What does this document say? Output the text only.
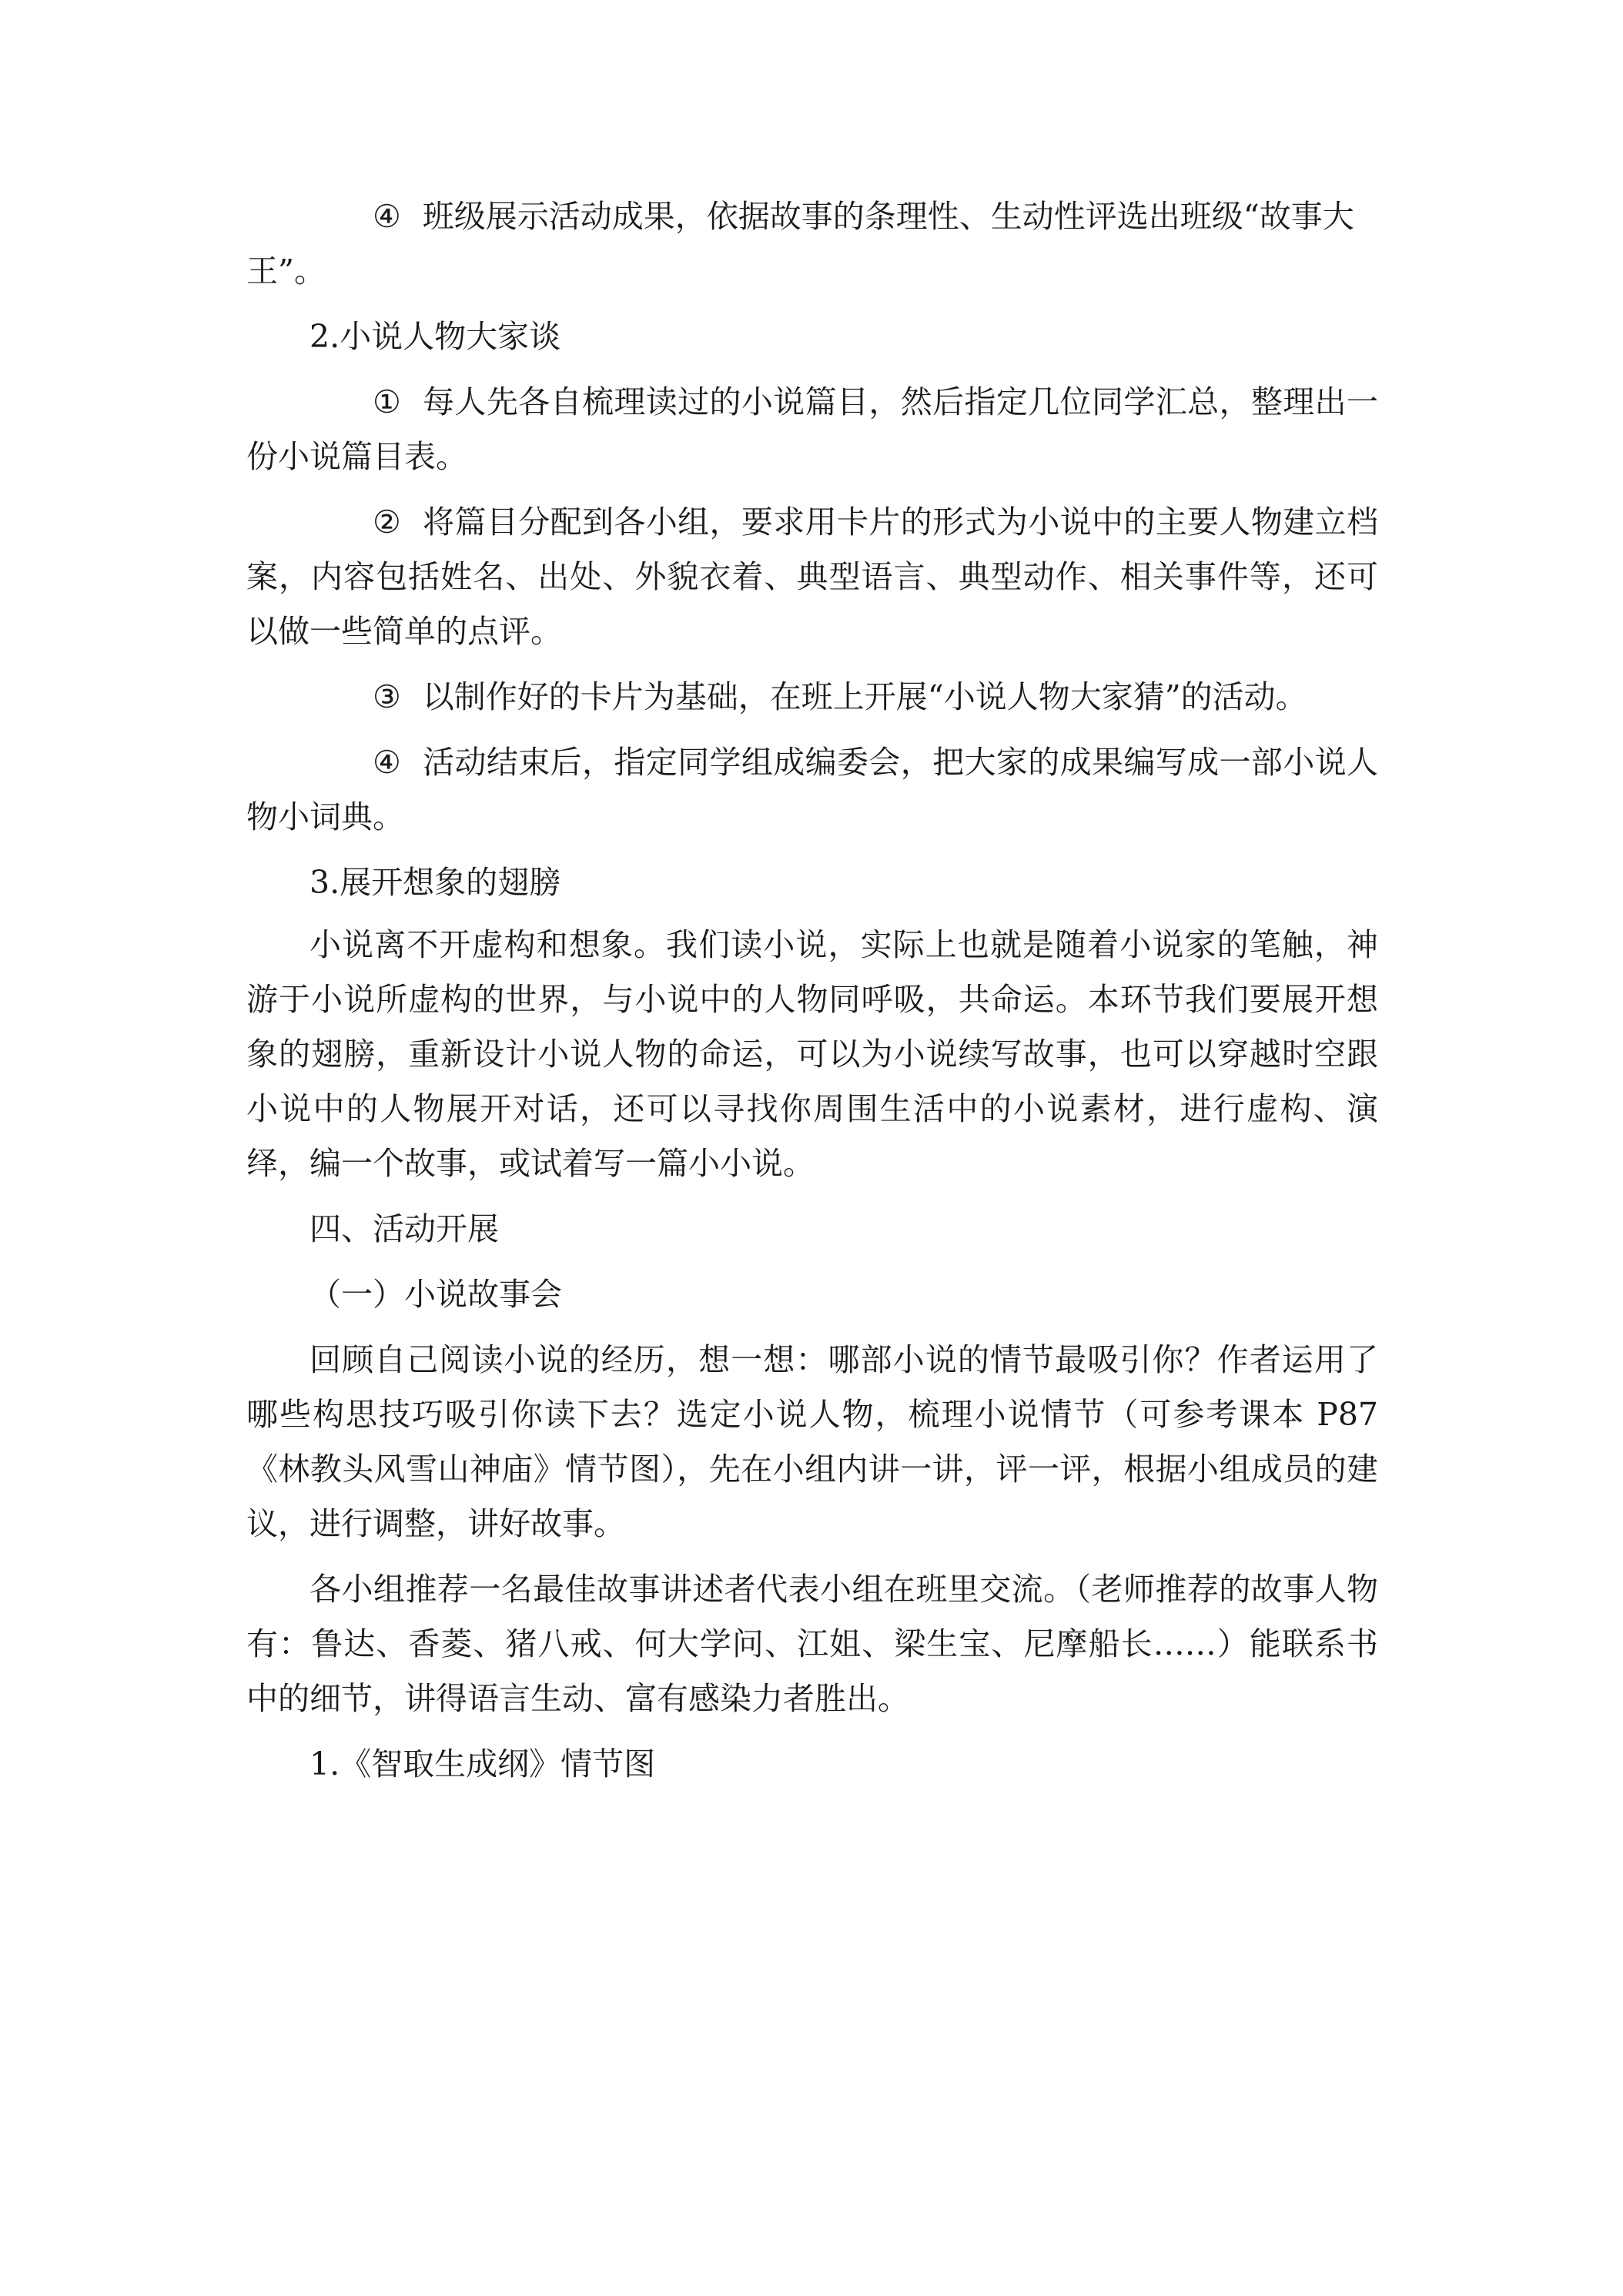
④ 班级展示活动成果，依据故事的条理性、生动性评选出班级“故事大王”。

2.小说人物大家谈

① 每人先各自梳理读过的小说篇目，然后指定几位同学汇总，整理出一份小说篇目表。

② 将篇目分配到各小组，要求用卡片的形式为小说中的主要人物建立档案，内容包括姓名、出处、外貌衣着、典型语言、典型动作、相关事件等，还可以做一些简单的点评。

③ 以制作好的卡片为基础，在班上开展“小说人物大家猜”的活动。

④ 活动结束后，指定同学组成编委会，把大家的成果编写成一部小说人物小词典。

3.展开想象的翅膀

小说离不开虚构和想象。我们读小说，实际上也就是随着小说家的笔触，神游于小说所虚构的世界，与小说中的人物同呼吸，共命运。本环节我们要展开想象的翅膀，重新设计小说人物的命运，可以为小说续写故事，也可以穿越时空跟小说中的人物展开对话，还可以寻找你周围生活中的小说素材，进行虚构、演绎，编一个故事，或试着写一篇小小说。

四、活动开展

（一）小说故事会

回顾自己阅读小说的经历，想一想：哪部小说的情节最吸引你？作者运用了哪些构思技巧吸引你读下去？选定小说人物，梳理小说情节（可参考课本 P87《林教头风雪山神庙》情节图），先在小组内讲一讲，评一评，根据小组成员的建议，进行调整，讲好故事。

各小组推荐一名最佳故事讲述者代表小组在班里交流。（老师推荐的故事人物有：鲁达、香菱、猪八戒、何大学问、江姐、梁生宝、尼摩船长……）能联系书中的细节，讲得语言生动、富有感染力者胜出。

1.《智取生成纲》情节图
